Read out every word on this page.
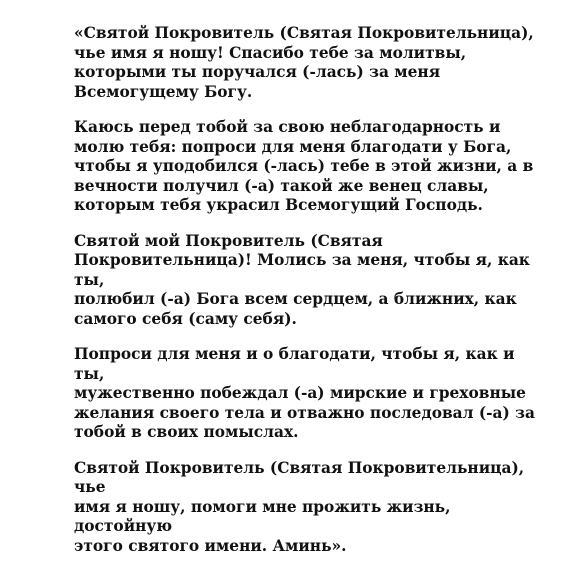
«Святой Покровитель (Святая Покровительница),
чье имя я ношу! Спасибо тебе за молитвы,
которыми ты поручался (-лась) за меня
Всемогущему Богу.

Каюсь перед тобой за свою неблагодарность и
молю тебя: попроси для меня благодати у Бога,
чтобы я уподобился (-лась) тебе в этой жизни, а в
вечности получил (-а) такой же венец славы,
которым тебя украсил Всемогущий Господь.

Святой мой Покровитель (Святая
Покровительница)! Молись за меня, чтобы я, как ты,
полюбил (-а) Бога всем сердцем, а ближних, как
самого себя (саму себя).

Попроси для меня и о благодати, чтобы я, как и ты,
мужественно побеждал (-а) мирские и греховные
желания своего тела и отважно последовал (-а) за
тобой в своих помыслах.

Святой Покровитель (Святая Покровительница), чье
имя я ношу, помоги мне прожить жизнь, достойную
этого святого имени. Аминь».
